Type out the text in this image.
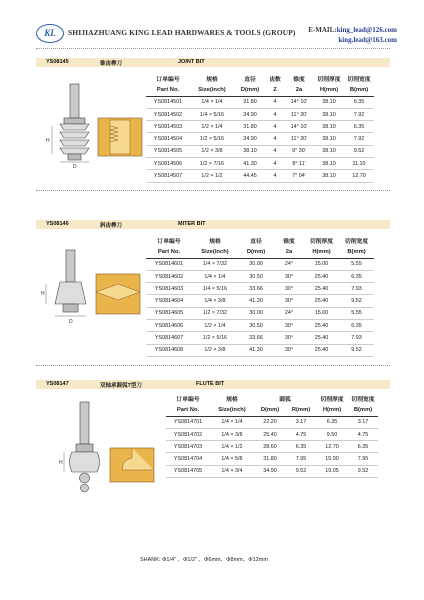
KL	SHIJIAZHUANG KING LEAD HARDWARES & TOOLS (GROUP) E-MAIL:king_lead@126.com
king.lead@163.com
YS08145	锥齿榫刀	JOINT BIT
H
D
订单编号	规格	直径	齿数	锥度	切削厚度	切削宽度
Part No.	Size(inch)	D(mm)	Z	2a	H(mm)	B(mm)
YS0814501	1/4 × 1/4	31.80	4	14° 10′	38.10	6.35
YS0814502	1/4 × 5/16	34.90	4	11° 30′	38.10	7.92
YS0814503	1/2 × 1/4	31.80	4	14° 10′	38.10	6.35
YS0814504	1/2 × 5/16	34.90	4	11° 30′	38.10	7.92
YS0814505	1/2 × 3/8	38.10	4	9° 30′	38.10	9.52
YS0814506	1/2 × 7/16	41.30	4	8° 11′	38.10	11.10
YS0814507	1/2 × 1/2	44.45	4	7° 04′	38.10	12.70
YS08146	斜齿榫刀	MITER BIT
H
D
订单编号	规格	直径	锥度	切削厚度	切削宽度
Part No.	Size(inch)	D(mm)	2a	H(mm)	B(mm)
YS0814601	1/4 × 7/32	30.00	24°	15.00	5.55
YS0814602	1/4 × 1/4	30.50	30°	25.40	6.35
YS0814603	1/4 × 5/16	33.66	30°	25.40	7.93
YS0814604	1/4 × 3/8	41.30	30°	25.40	9.52
YS0814605	1/2 × 7/32	30.00	24°	15.00	5.55
YS0814606	1/2 × 1/4	30.50	30°	25.40	6.35
YS0814607	1/2 × 5/16	33.66	30°	25.40	7.93
YS0814608	1/2 × 3/8	41.30	30°	25.40	9.52
YS08147	双轴承圆弧T型刀	FLUTE BIT
H
订单编号	规格	圆弧		切削厚度	切削宽度
Part No.	Size(inch)	D(mm)	R(mm)	H(mm)	B(mm)
YS0814701	1/4 × 1/4	22.20	3.17	6.35	3.17
YS0814702	1/4 × 3/8	25.40	4.75	9.50	4.75
YS0814703	1/4 × 1/2	28.60	6.35	12.70	6.35
YS0814704	1/4 × 5/8	31.80	7.95	15.90	7.95
YS0814705	1/4 × 3/4	34.90	9.52	19.05	9.52
SHANK: Φ1/4″ 、Φ1/2″ 、Φ6mm、Φ8mm、Φ12mm
